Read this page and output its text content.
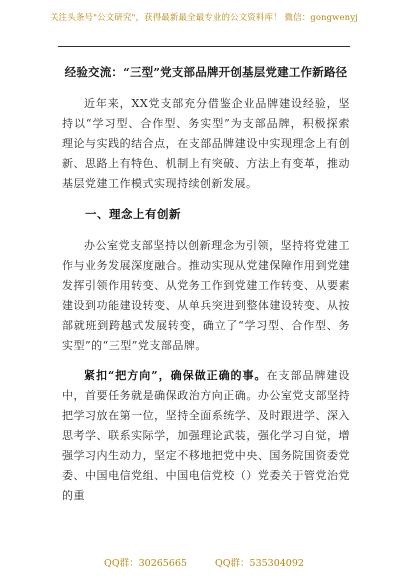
关注头条号"公文研究"，获得最新最全最专业的公文资料库！ 微信：gongwenyj
经验交流：“三型”党支部品牌开创基层党建工作新路径

近年来，XX党支部充分借鉴企业品牌建设经验，坚持以“学习型、合作型、务实型”为支部品牌，积极探索理论与实践的结合点，在支部品牌建设中实现理念上有创新、思路上有特色、机制上有突破、方法上有变革，推动基层党建工作模式实现持续创新发展。

一、理念上有创新

办公室党支部坚持以创新理念为引领，坚持将党建工作与业务发展深度融合。推动实现从党建保障作用到党建发挥引领作用转变、从党务工作到党建工作转变、从要素建设到功能建设转变、从单兵突进到整体建设转变、从按部就班到跨越式发展转变，确立了“学习型、合作型、务实型”的“三型”党支部品牌。

紧扣“把方向”，确保做正确的事。在支部品牌建设中，首要任务就是确保政治方向正确。办公室党支部坚持把学习放在第一位，坚持全面系统学、及时跟进学、深入思考学、联系实际学，加强理论武装，强化学习自觉，增强学习内生动力，坚定不移地把党中央、国务院国资委党委、中国电信党组、中国电信党校（）党委关于管党治党的重

QQ群：30265665	QQ群：535304092
